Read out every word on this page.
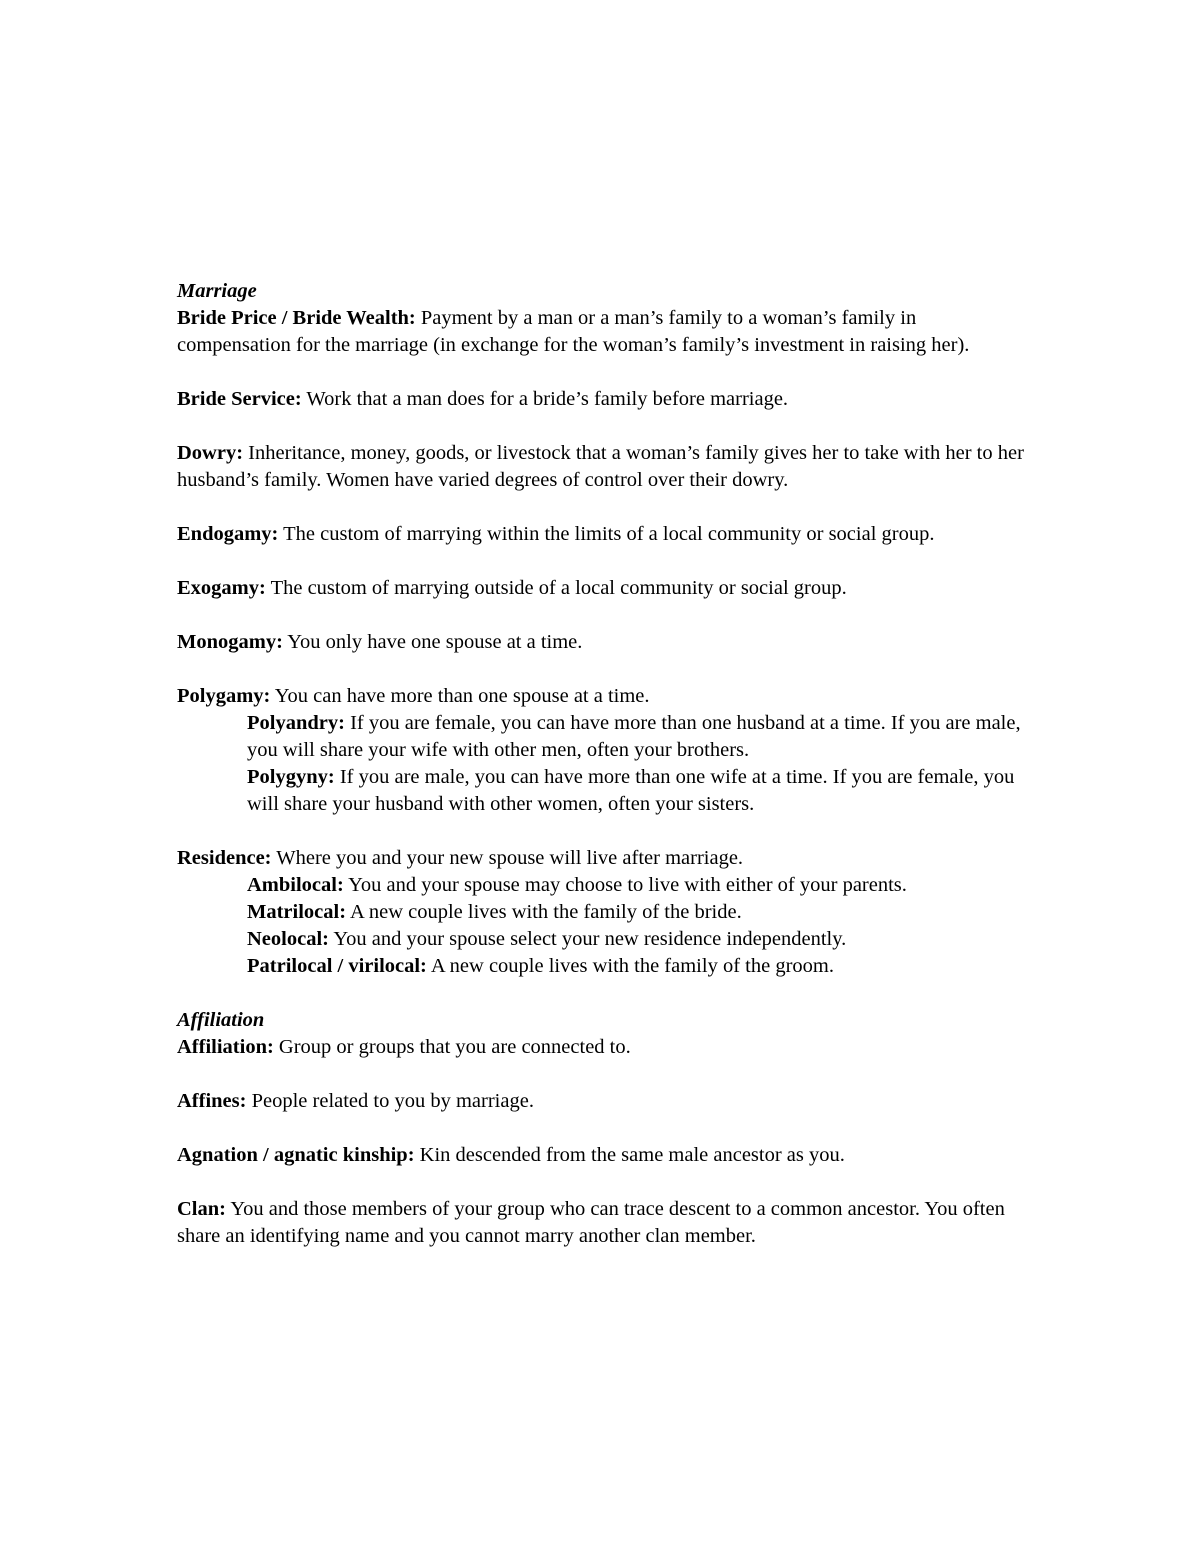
Marriage

Bride Price / Bride Wealth: Payment by a man or a man’s family to a woman’s family in compensation for the marriage (in exchange for the woman’s family’s investment in raising her).

Bride Service: Work that a man does for a bride’s family before marriage.

Dowry: Inheritance, money, goods, or livestock that a woman’s family gives her to take with her to her husband’s family. Women have varied degrees of control over their dowry.

Endogamy: The custom of marrying within the limits of a local community or social group.

Exogamy: The custom of marrying outside of a local community or social group.

Monogamy: You only have one spouse at a time.

Polygamy: You can have more than one spouse at a time.

Polyandry: If you are female, you can have more than one husband at a time. If you are male, you will share your wife with other men, often your brothers.

Polygyny: If you are male, you can have more than one wife at a time. If you are female, you will share your husband with other women, often your sisters.

Residence: Where you and your new spouse will live after marriage.

Ambilocal: You and your spouse may choose to live with either of your parents.

Matrilocal: A new couple lives with the family of the bride.

Neolocal: You and your spouse select your new residence independently.

Patrilocal / virilocal: A new couple lives with the family of the groom.

Affiliation

Affiliation: Group or groups that you are connected to.

Affines: People related to you by marriage.

Agnation / agnatic kinship: Kin descended from the same male ancestor as you.

Clan: You and those members of your group who can trace descent to a common ancestor. You often share an identifying name and you cannot marry another clan member.
